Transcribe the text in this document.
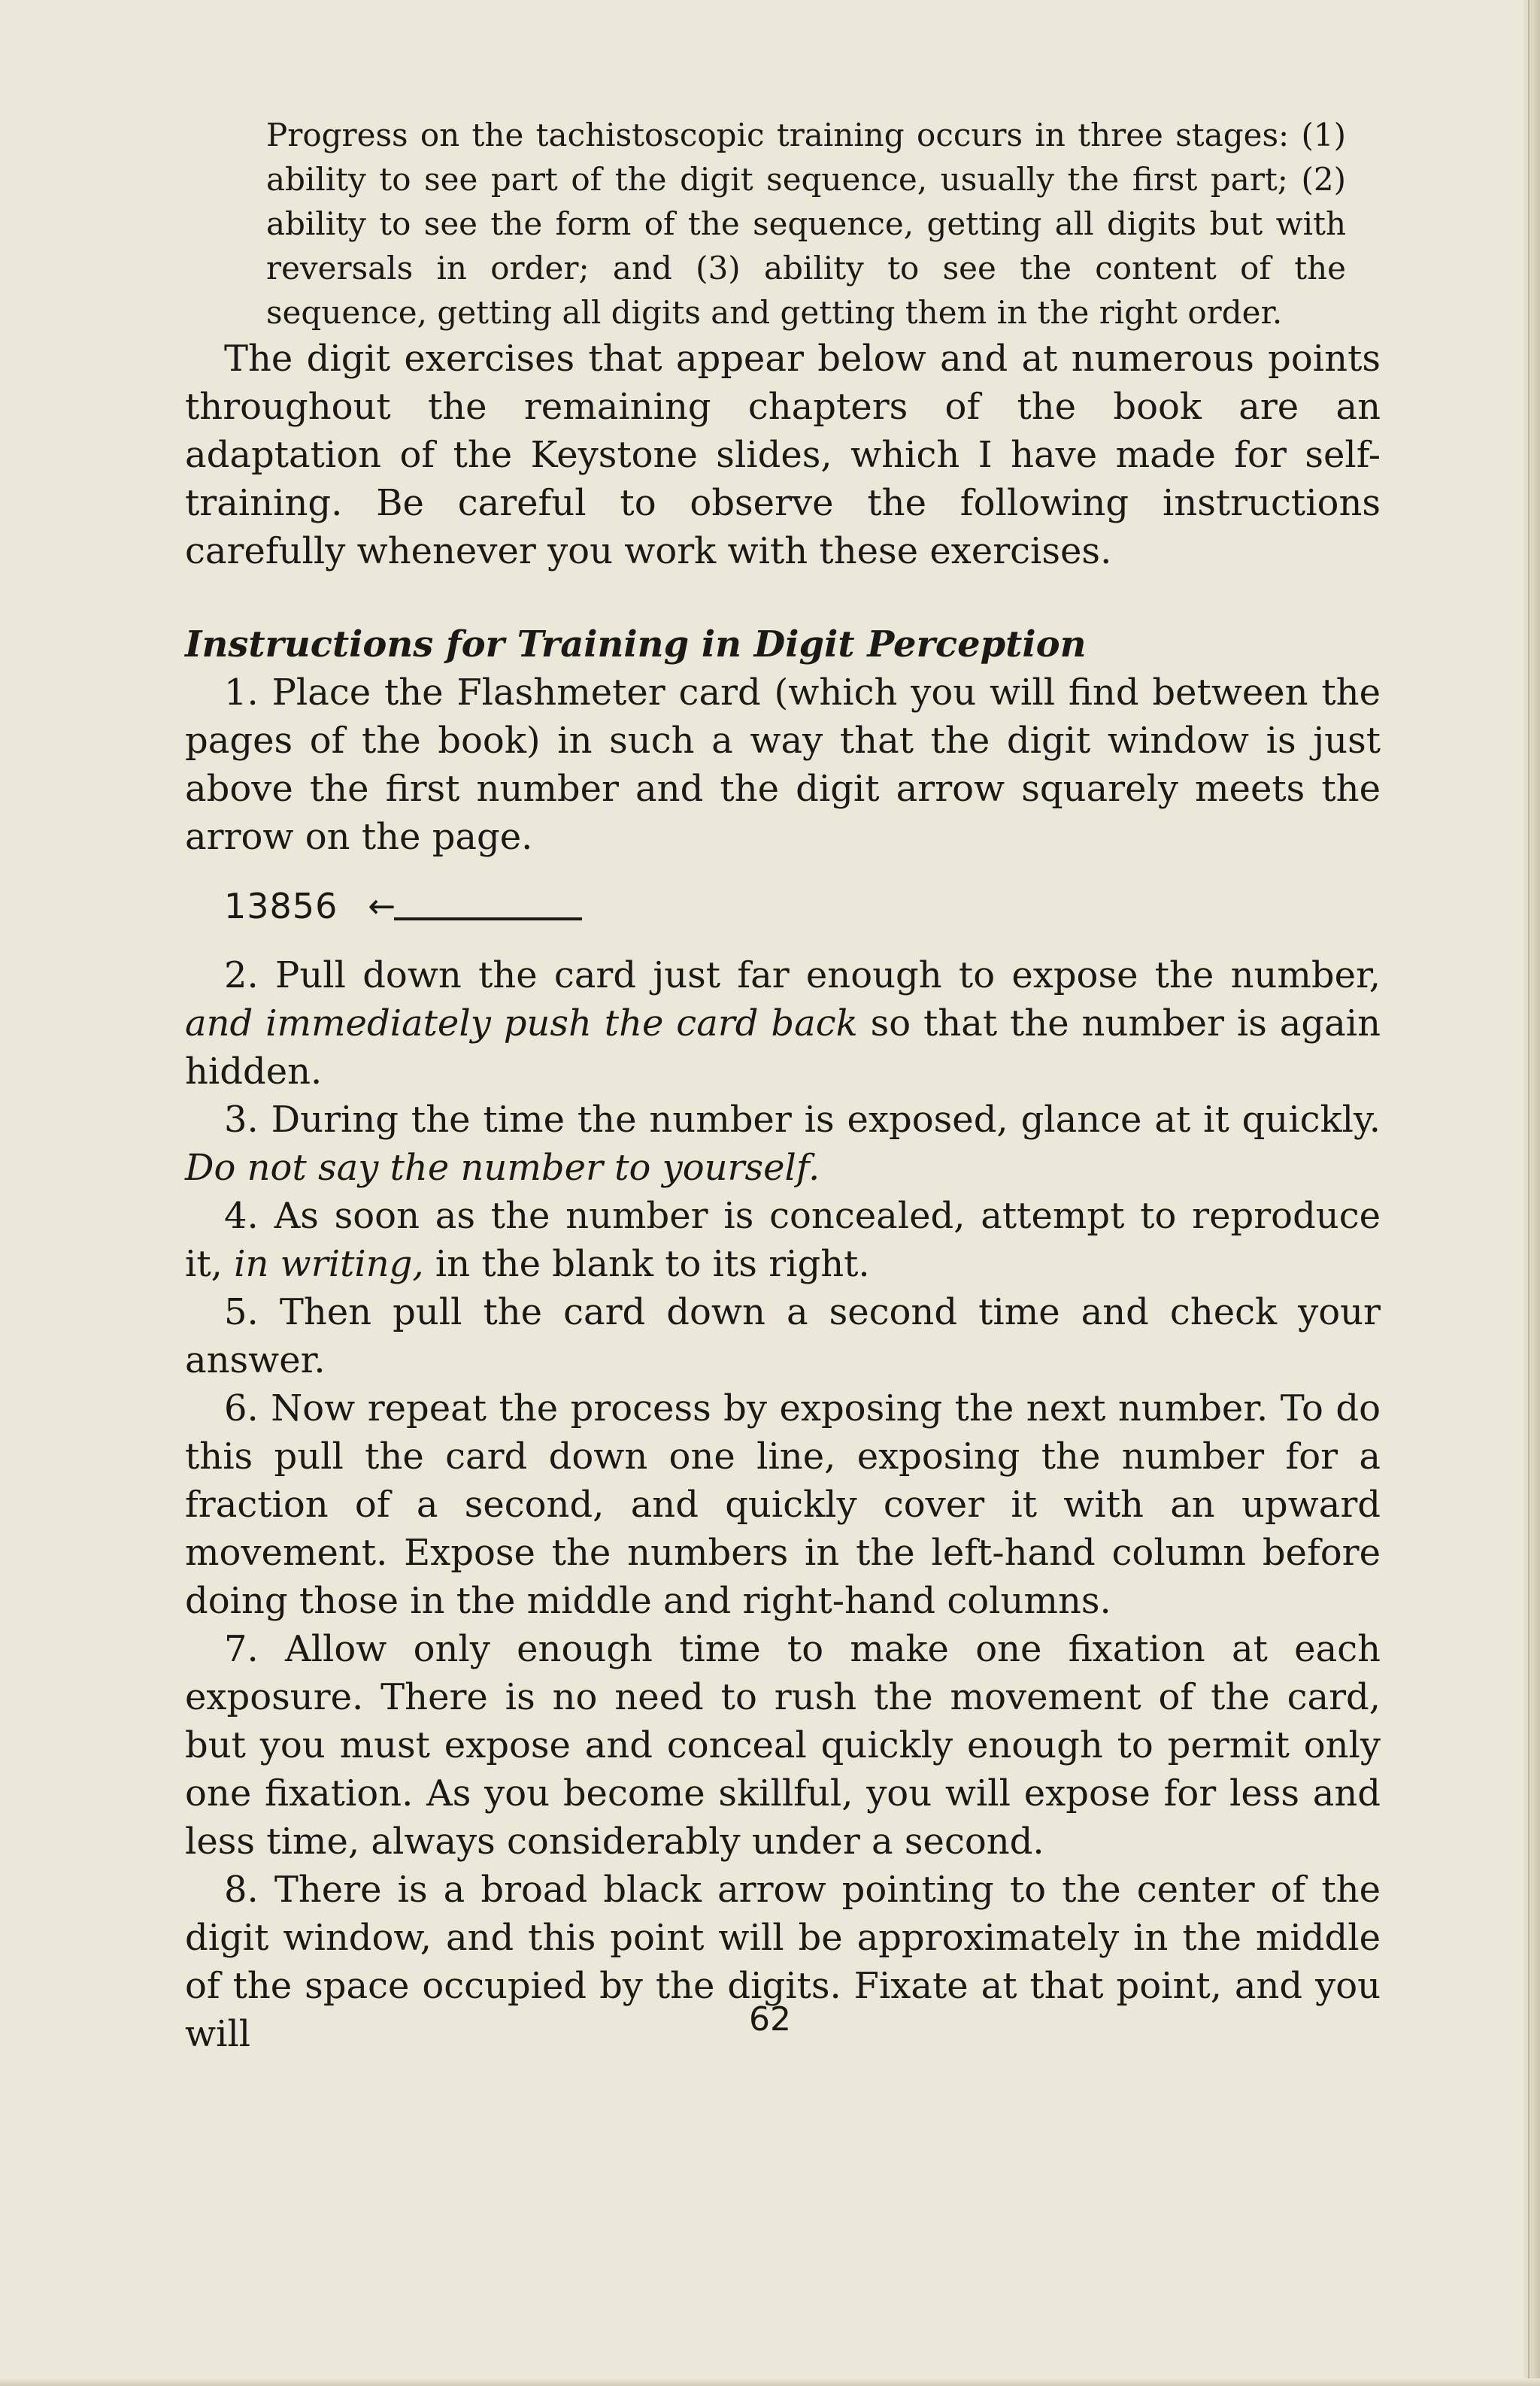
Progress on the tachistoscopic training occurs in three stages: (1) ability to see part of the digit sequence, usually the first part; (2) ability to see the form of the sequence, getting all digits but with reversals in order; and (3) ability to see the content of the sequence, getting all digits and getting them in the right order.

The digit exercises that appear below and at numerous points throughout the remaining chapters of the book are an adaptation of the Keystone slides, which I have made for self-training. Be careful to observe the following instructions carefully whenever you work with these exercises.

Instructions for Training in Digit Perception

1. Place the Flashmeter card (which you will find between the pages of the book) in such a way that the digit window is just above the first number and the digit arrow squarely meets the arrow on the page.

13856 ←

2. Pull down the card just far enough to expose the number, and immediately push the card back so that the number is again hidden.

3. During the time the number is exposed, glance at it quickly. Do not say the number to yourself.

4. As soon as the number is concealed, attempt to reproduce it, in writing, in the blank to its right.

5. Then pull the card down a second time and check your answer.

6. Now repeat the process by exposing the next number. To do this pull the card down one line, exposing the number for a fraction of a second, and quickly cover it with an upward movement. Expose the numbers in the left-hand column before doing those in the middle and right-hand columns.

7. Allow only enough time to make one fixation at each exposure. There is no need to rush the movement of the card, but you must expose and conceal quickly enough to permit only one fixation. As you become skillful, you will expose for less and less time, always considerably under a second.

8. There is a broad black arrow pointing to the center of the digit window, and this point will be approximately in the middle of the space occupied by the digits. Fixate at that point, and you will	62
